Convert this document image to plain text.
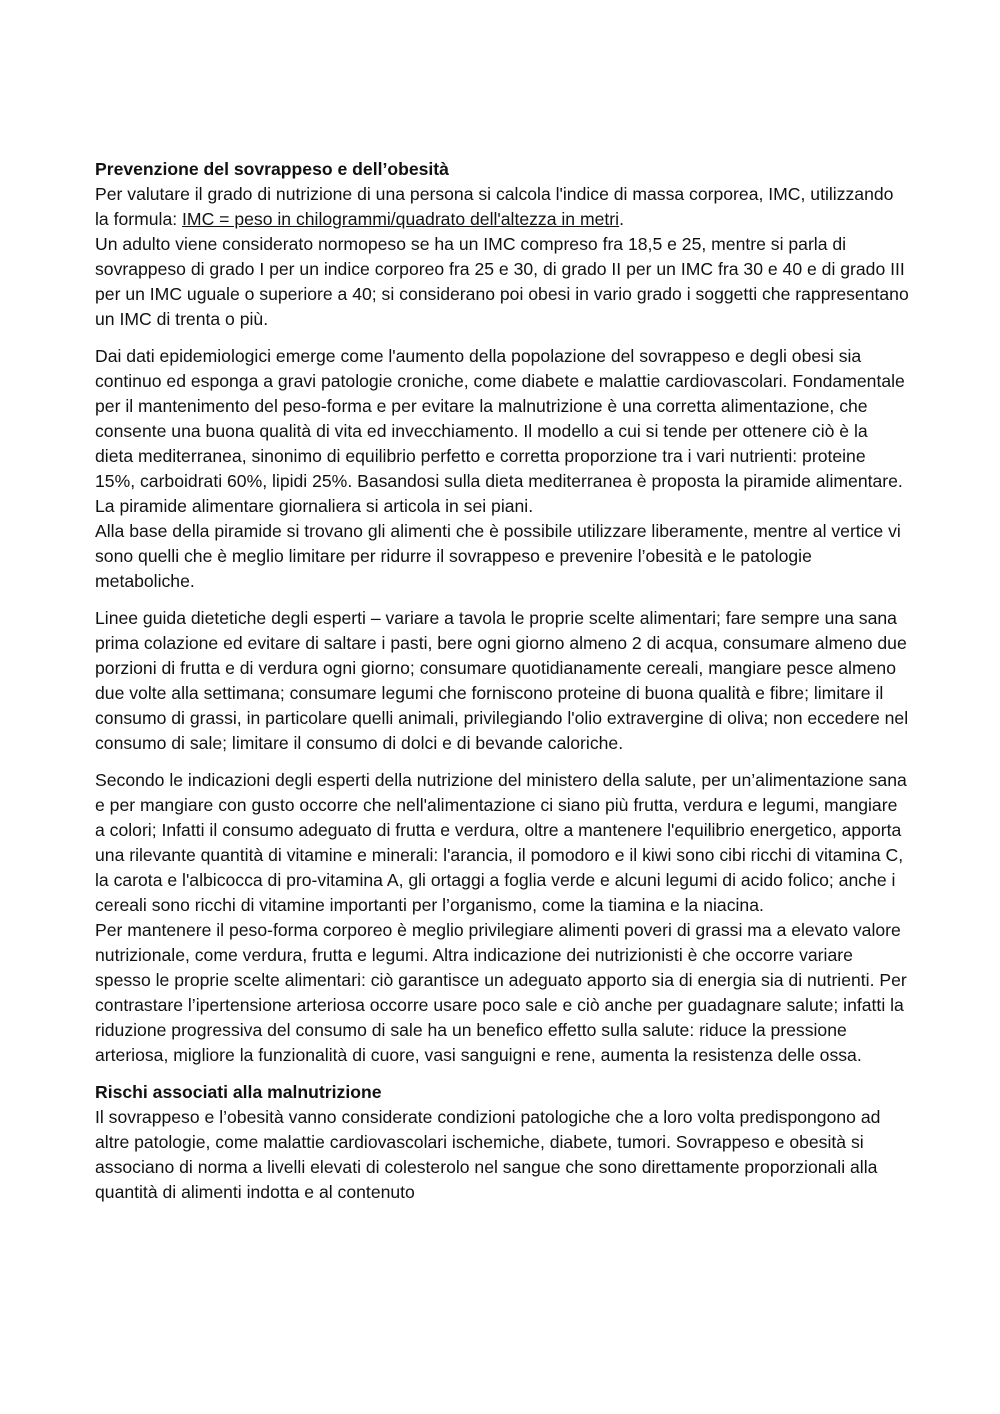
Prevenzione del sovrappeso e dell’obesità

Per valutare il grado di nutrizione di una persona si calcola l'indice di massa corporea, IMC, utilizzando la formula: IMC = peso in chilogrammi/quadrato dell'altezza in metri.

Un adulto viene considerato normopeso se ha un IMC compreso fra 18,5 e 25, mentre si parla di sovrappeso di grado I per un indice corporeo fra 25 e 30, di grado II per un IMC fra 30 e 40 e di grado III per un IMC uguale o superiore a 40; si considerano poi obesi in vario grado i soggetti che rappresentano un IMC di trenta o più.

Dai dati epidemiologici emerge come l'aumento della popolazione del sovrappeso e degli obesi sia continuo ed esponga a gravi patologie croniche, come diabete e malattie cardiovascolari. Fondamentale per il mantenimento del peso-forma e per evitare la malnutrizione è una corretta alimentazione, che consente una buona qualità di vita ed invecchiamento. Il modello a cui si tende per ottenere ciò è la dieta mediterranea, sinonimo di equilibrio perfetto e corretta proporzione tra i vari nutrienti: proteine 15%, carboidrati 60%, lipidi 25%. Basandosi sulla dieta mediterranea è proposta la piramide alimentare. La piramide alimentare giornaliera si articola in sei piani.

Alla base della piramide si trovano gli alimenti che è possibile utilizzare liberamente, mentre al vertice vi sono quelli che è meglio limitare per ridurre il sovrappeso e prevenire l’obesità e le patologie metaboliche.

Linee guida dietetiche degli esperti – variare a tavola le proprie scelte alimentari; fare sempre una sana prima colazione ed evitare di saltare i pasti, bere ogni giorno almeno 2 di acqua, consumare almeno due porzioni di frutta e di verdura ogni giorno; consumare quotidianamente cereali, mangiare pesce almeno due volte alla settimana; consumare legumi che forniscono proteine di buona qualità e fibre; limitare il consumo di grassi, in particolare quelli animali, privilegiando l'olio extravergine di oliva; non eccedere nel consumo di sale; limitare il consumo di dolci e di bevande caloriche.

Secondo le indicazioni degli esperti della nutrizione del ministero della salute, per un’alimentazione sana e per mangiare con gusto occorre che nell'alimentazione ci siano più frutta, verdura e legumi, mangiare a colori; Infatti il consumo adeguato di frutta e verdura, oltre a mantenere l'equilibrio energetico, apporta una rilevante quantità di vitamine e minerali: l'arancia, il pomodoro e il kiwi sono cibi ricchi di vitamina C, la carota e l'albicocca di pro-vitamina A, gli ortaggi a foglia verde e alcuni legumi di acido folico; anche i cereali sono ricchi di vitamine importanti per l’organismo, come la tiamina e la niacina.

Per mantenere il peso-forma corporeo è meglio privilegiare alimenti poveri di grassi ma a elevato valore nutrizionale, come verdura, frutta e legumi. Altra indicazione dei nutrizionisti è che occorre variare spesso le proprie scelte alimentari: ciò garantisce un adeguato apporto sia di energia sia di nutrienti. Per contrastare l’ipertensione arteriosa occorre usare poco sale e ciò anche per guadagnare salute; infatti la riduzione progressiva del consumo di sale ha un benefico effetto sulla salute: riduce la pressione arteriosa, migliore la funzionalità di cuore, vasi sanguigni e rene, aumenta la resistenza delle ossa.

Rischi associati alla malnutrizione

Il sovrappeso e l’obesità vanno considerate condizioni patologiche che a loro volta predispongono ad altre patologie, come malattie cardiovascolari ischemiche, diabete, tumori. Sovrappeso e obesità si associano di norma a livelli elevati di colesterolo nel sangue che sono direttamente proporzionali alla quantità di alimenti indotta e al contenuto
